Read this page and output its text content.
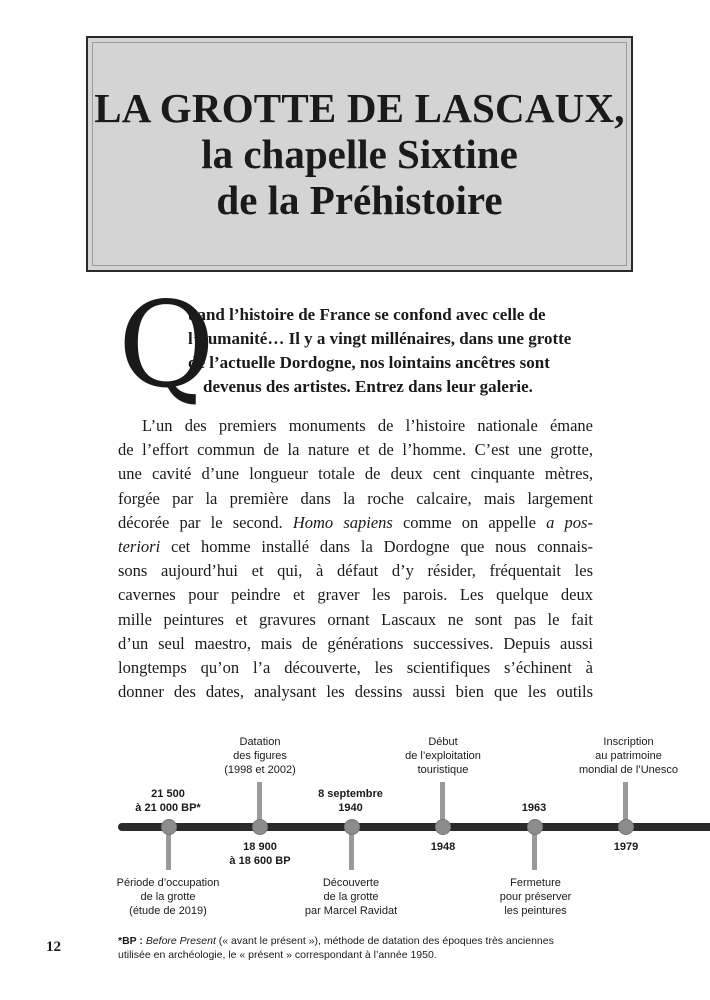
LA GROTTE DE LASCAUX,
la chapelle Sixtine
de la Préhistoire
Q
uand l’histoire de France se confond avec celle de
l’humanité… Il y a vingt millénaires, dans une grotte
de l’actuelle Dordogne, nos lointains ancêtres sont
devenus des artistes. Entrez dans leur galerie.
L’un des premiers monuments de l’histoire nationale émane
de l’effort commun de la nature et de l’homme. C’est une grotte,
une cavité d’une longueur totale de deux cent cinquante mètres,
forgée par la première dans la roche calcaire, mais largement
décorée par le second. Homo sapiens comme on appelle a pos-
teriori cet homme installé dans la Dordogne que nous connais-
sons aujourd’hui et qui, à défaut d’y résider, fréquentait les
cavernes pour peindre et graver les parois. Les quelque deux
mille peintures et gravures ornant Lascaux ne sont pas le fait
d’un seul maestro, mais de générations successives. Depuis aussi
longtemps qu’on l’a découverte, les scientifiques s’échinent à
donner des dates, analysant les dessins aussi bien que les outils
21 500
à 21 000 BP*
Période d’occupation
de la grotte
(étude de 2019)
Datation
des figures
(1998 et 2002)
18 900
à 18 600 BP
8 septembre
1940
Découverte
de la grotte
par Marcel Ravidat
Début
de l’exploitation
touristique
1948
1963
Fermeture
pour préserver
les peintures
Inscription
au patrimoine
mondial de l’Unesco
1979
12	*BP : Before Present (« avant le présent »), méthode de datation des époques très anciennes
utilisée en archéologie, le « présent » correspondant à l’année 1950.
